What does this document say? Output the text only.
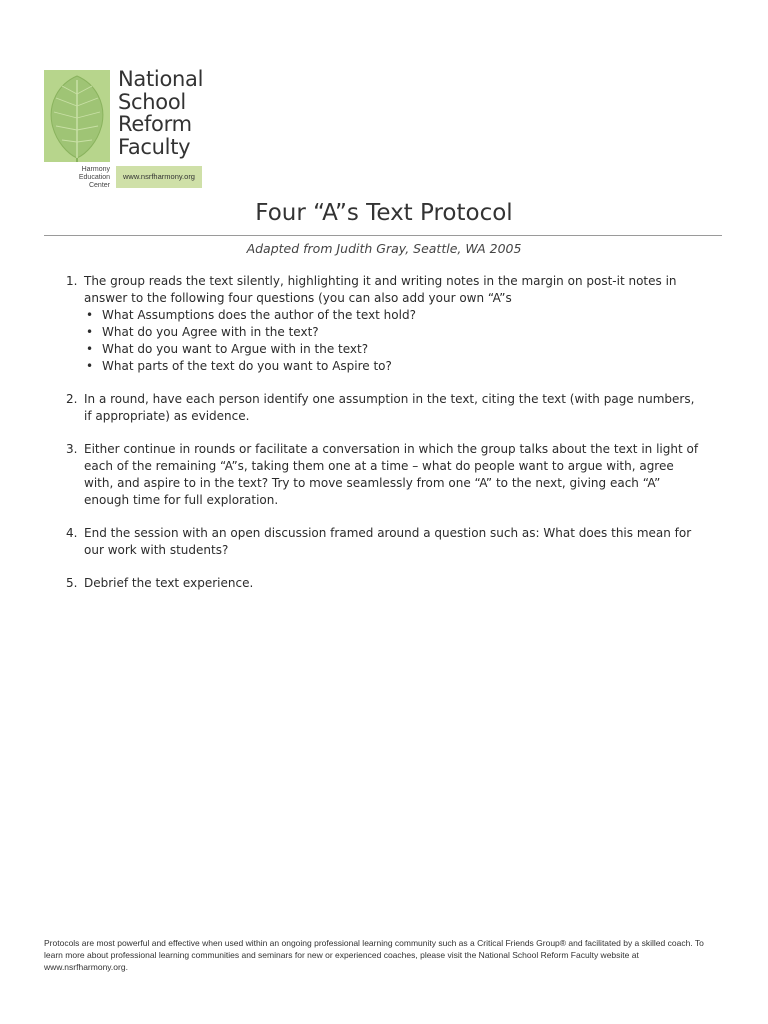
National
School
Reform
Faculty
Harmony
Education
Center
www.nsrfharmony.org
Four “A”s Text Protocol
Adapted from Judith Gray, Seattle, WA 2005
1. The group reads the text silently, highlighting it and writing notes in the margin on post-it notes in answer to the following four questions (you can also add your own “A”s
• What Assumptions does the author of the text hold?
• What do you Agree with in the text?
• What do you want to Argue with in the text?
• What parts of the text do you want to Aspire to?
2. In a round, have each person identify one assumption in the text, citing the text (with page numbers, if appropriate) as evidence.
3. Either continue in rounds or facilitate a conversation in which the group talks about the text in light of each of the remaining “A”s, taking them one at a time – what do people want to argue with, agree with, and aspire to in the text? Try to move seamlessly from one “A” to the next, giving each “A” enough time for full exploration.
4. End the session with an open discussion framed around a question such as: What does this mean for our work with students?
5. Debrief the text experience.
Protocols are most powerful and effective when used within an ongoing professional learning community such as a Critical Friends Group® and facilitated by a skilled coach. To learn more about professional learning communities and seminars for new or experienced coaches, please visit the National School Reform Faculty website at www.nsrfharmony.org.
